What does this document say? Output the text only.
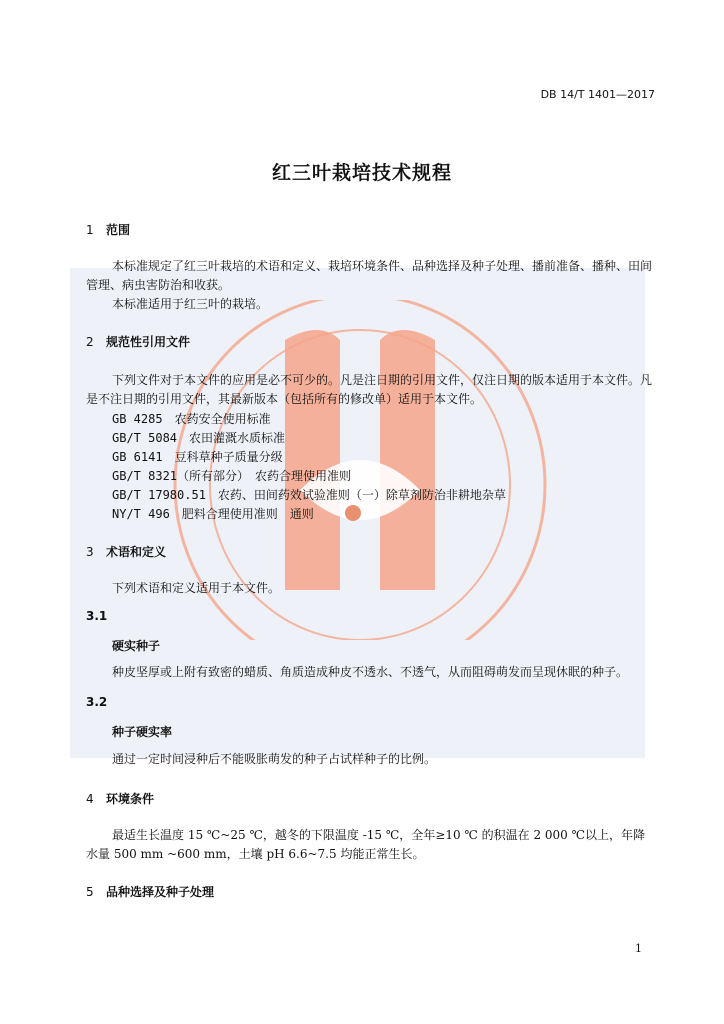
DB 14/T 1401—2017
红三叶栽培技术规程
1 范围
本标准规定了红三叶栽培的术语和定义、栽培环境条件、品种选择及种子处理、播前准备、播种、田间管理、病虫害防治和收获。
本标准适用于红三叶的栽培。
2 规范性引用文件
下列文件对于本文件的应用是必不可少的。凡是注日期的引用文件，仅注日期的版本适用于本文件。凡是不注日期的引用文件，其最新版本（包括所有的修改单）适用于本文件。
GB 4285　农药安全使用标准
GB/T 5084　农田灌溉水质标准
GB 6141　豆科草种子质量分级
GB/T 8321（所有部分）　农药合理使用准则
GB/T 17980.51　农药、田间药效试验准则（一）除草剂防治非耕地杂草
NY/T 496　肥料合理使用准则　通则
3 术语和定义
下列术语和定义适用于本文件。
3.1
硬实种子
种皮坚厚或上附有致密的蜡质、角质造成种皮不透水、不透气，从而阻碍萌发而呈现休眠的种子。
3.2
种子硬实率
通过一定时间浸种后不能吸胀萌发的种子占试样种子的比例。
4 环境条件
最适生长温度 15 ℃~25 ℃，越冬的下限温度 -15 ℃，全年≥10 ℃ 的积温在 2 000 ℃以上，年降水量 500 mm ~600 mm，土壤 pH 6.6~7.5 均能正常生长。
5 品种选择及种子处理
1
